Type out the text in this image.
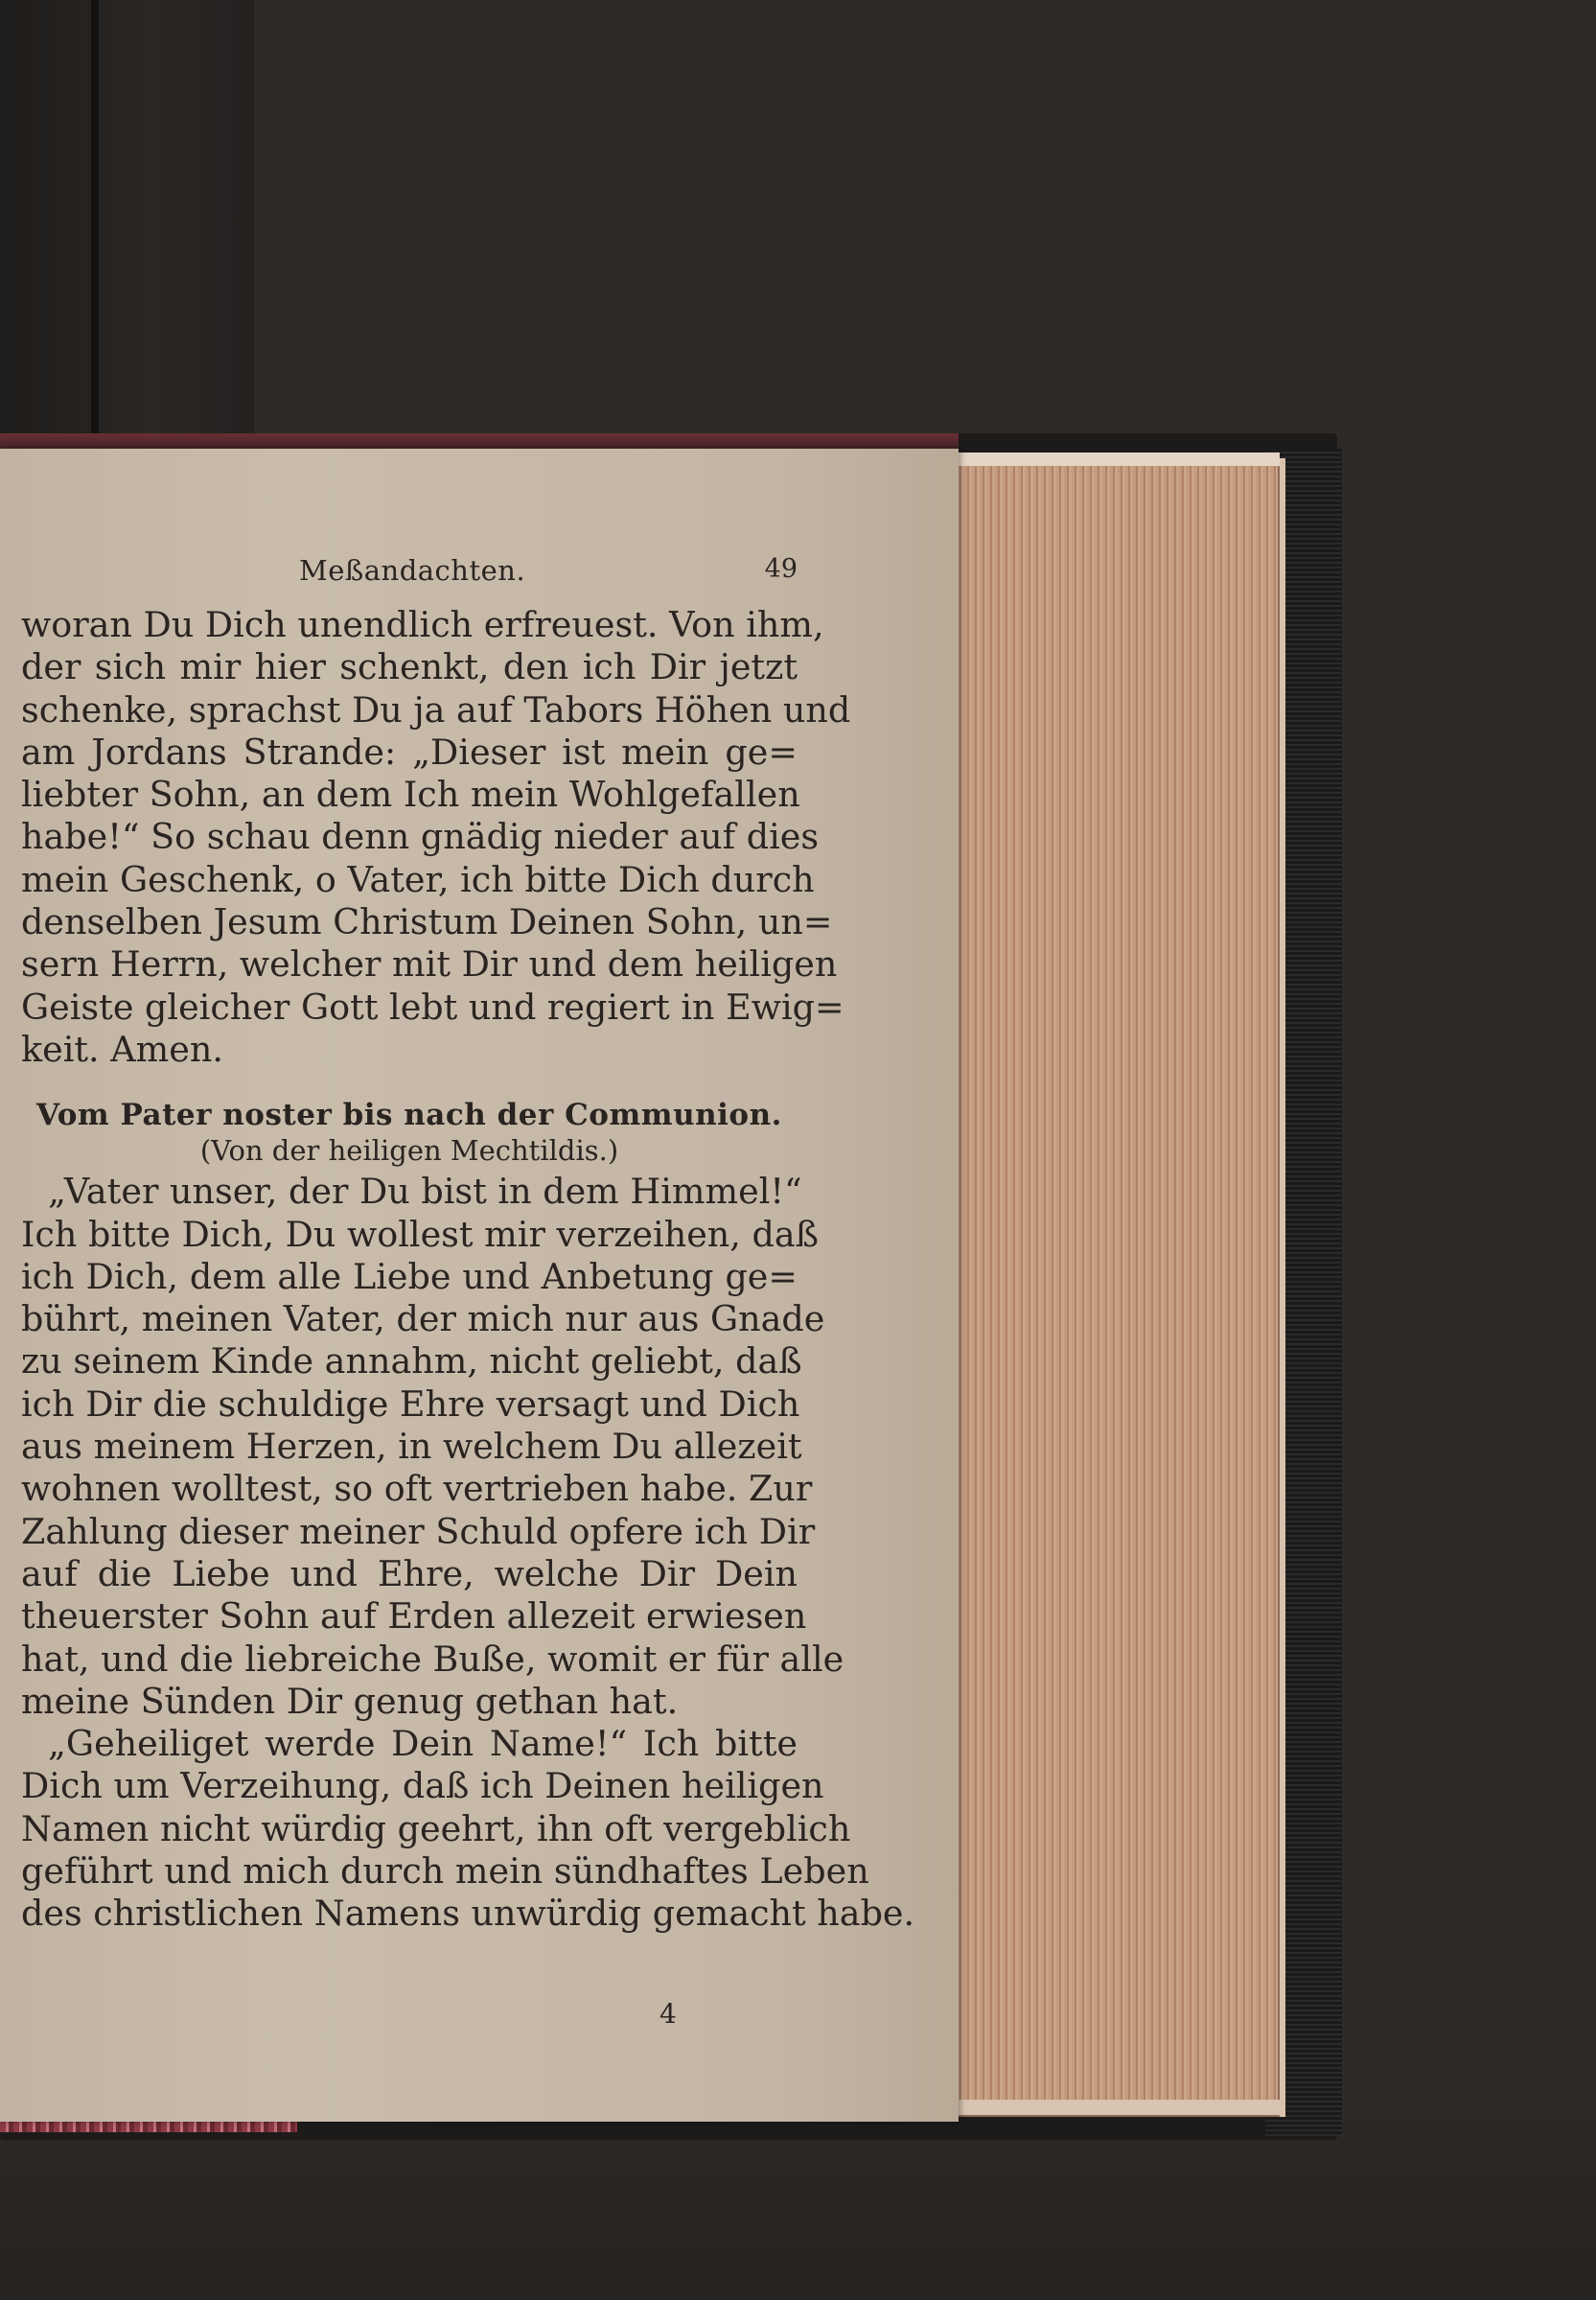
Meßandachten.	49

woran Du Dich unendlich erfreuest. Von ihm,
der sich mir hier schenkt, den ich Dir jetzt
schenke, sprachst Du ja auf Tabors Höhen und
am Jordans Strande: „Dieser ist mein ge=
liebter Sohn, an dem Ich mein Wohlgefallen
habe!“ So schau denn gnädig nieder auf dies
mein Geschenk, o Vater, ich bitte Dich durch
denselben Jesum Christum Deinen Sohn, un=
sern Herrn, welcher mit Dir und dem heiligen
Geiste gleicher Gott lebt und regiert in Ewig=
keit. Amen.

Vom Pater noster bis nach der Communion.
(Von der heiligen Mechtildis.)

„Vater unser, der Du bist in dem Himmel!“
Ich bitte Dich, Du wollest mir verzeihen, daß
ich Dich, dem alle Liebe und Anbetung ge=
bührt, meinen Vater, der mich nur aus Gnade
zu seinem Kinde annahm, nicht geliebt, daß
ich Dir die schuldige Ehre versagt und Dich
aus meinem Herzen, in welchem Du allezeit
wohnen wolltest, so oft vertrieben habe. Zur
Zahlung dieser meiner Schuld opfere ich Dir
auf die Liebe und Ehre, welche Dir Dein
theuerster Sohn auf Erden allezeit erwiesen
hat, und die liebreiche Buße, womit er für alle
meine Sünden Dir genug gethan hat.

„Geheiliget werde Dein Name!“ Ich bitte
Dich um Verzeihung, daß ich Deinen heiligen
Namen nicht würdig geehrt, ihn oft vergeblich
geführt und mich durch mein sündhaftes Leben
des christlichen Namens unwürdig gemacht habe.

4
